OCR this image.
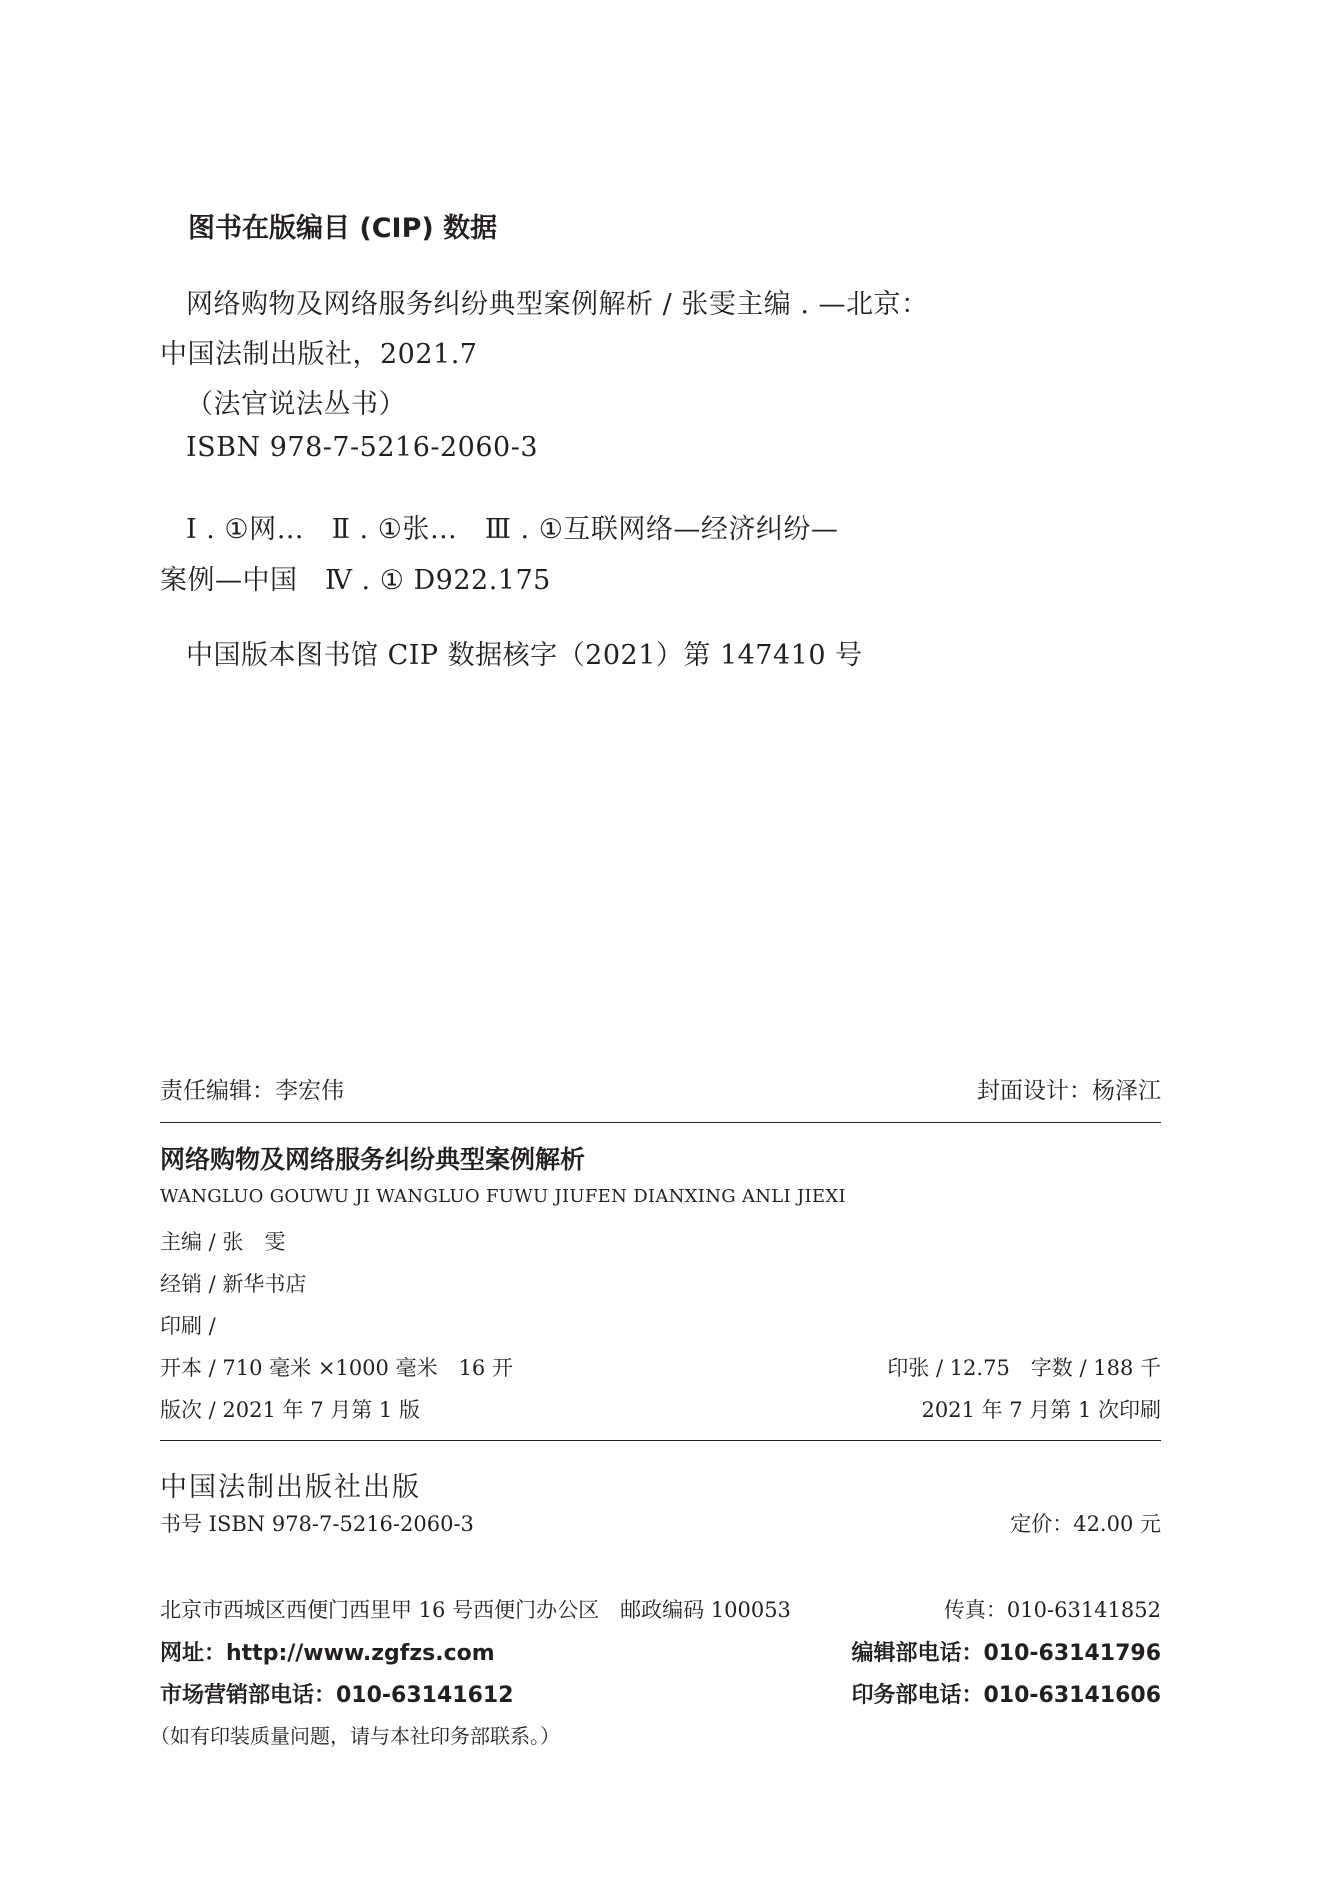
图书在版编目 (CIP) 数据
网络购物及网络服务纠纷典型案例解析 / 张雯主编 . —北京：
中国法制出版社，2021.7
（法官说法丛书）
ISBN 978-7-5216-2060-3
Ⅰ . ①网…　Ⅱ . ①张…　Ⅲ . ①互联网络—经济纠纷—
案例—中国　Ⅳ . ① D922.175
中国版本图书馆 CIP 数据核字（2021）第 147410 号
责任编辑：李宏伟	封面设计：杨泽江
网络购物及网络服务纠纷典型案例解析
WANGLUO GOUWU JI WANGLUO FUWU JIUFEN DIANXING ANLI JIEXI
主编 / 张　雯
经销 / 新华书店
印刷 /
开本 / 710 毫米 ×1000 毫米　16 开	印张 / 12.75　字数 / 188 千
版次 / 2021 年 7 月第 1 版	2021 年 7 月第 1 次印刷
中国法制出版社出版
书号 ISBN 978-7-5216-2060-3	定价：42.00 元
北京市西城区西便门西里甲 16 号西便门办公区　邮政编码 100053	传真：010-63141852
网址：http://www.zgfzs.com	编辑部电话：010-63141796
市场营销部电话：010-63141612	印务部电话：010-63141606
（如有印装质量问题，请与本社印务部联系。）
